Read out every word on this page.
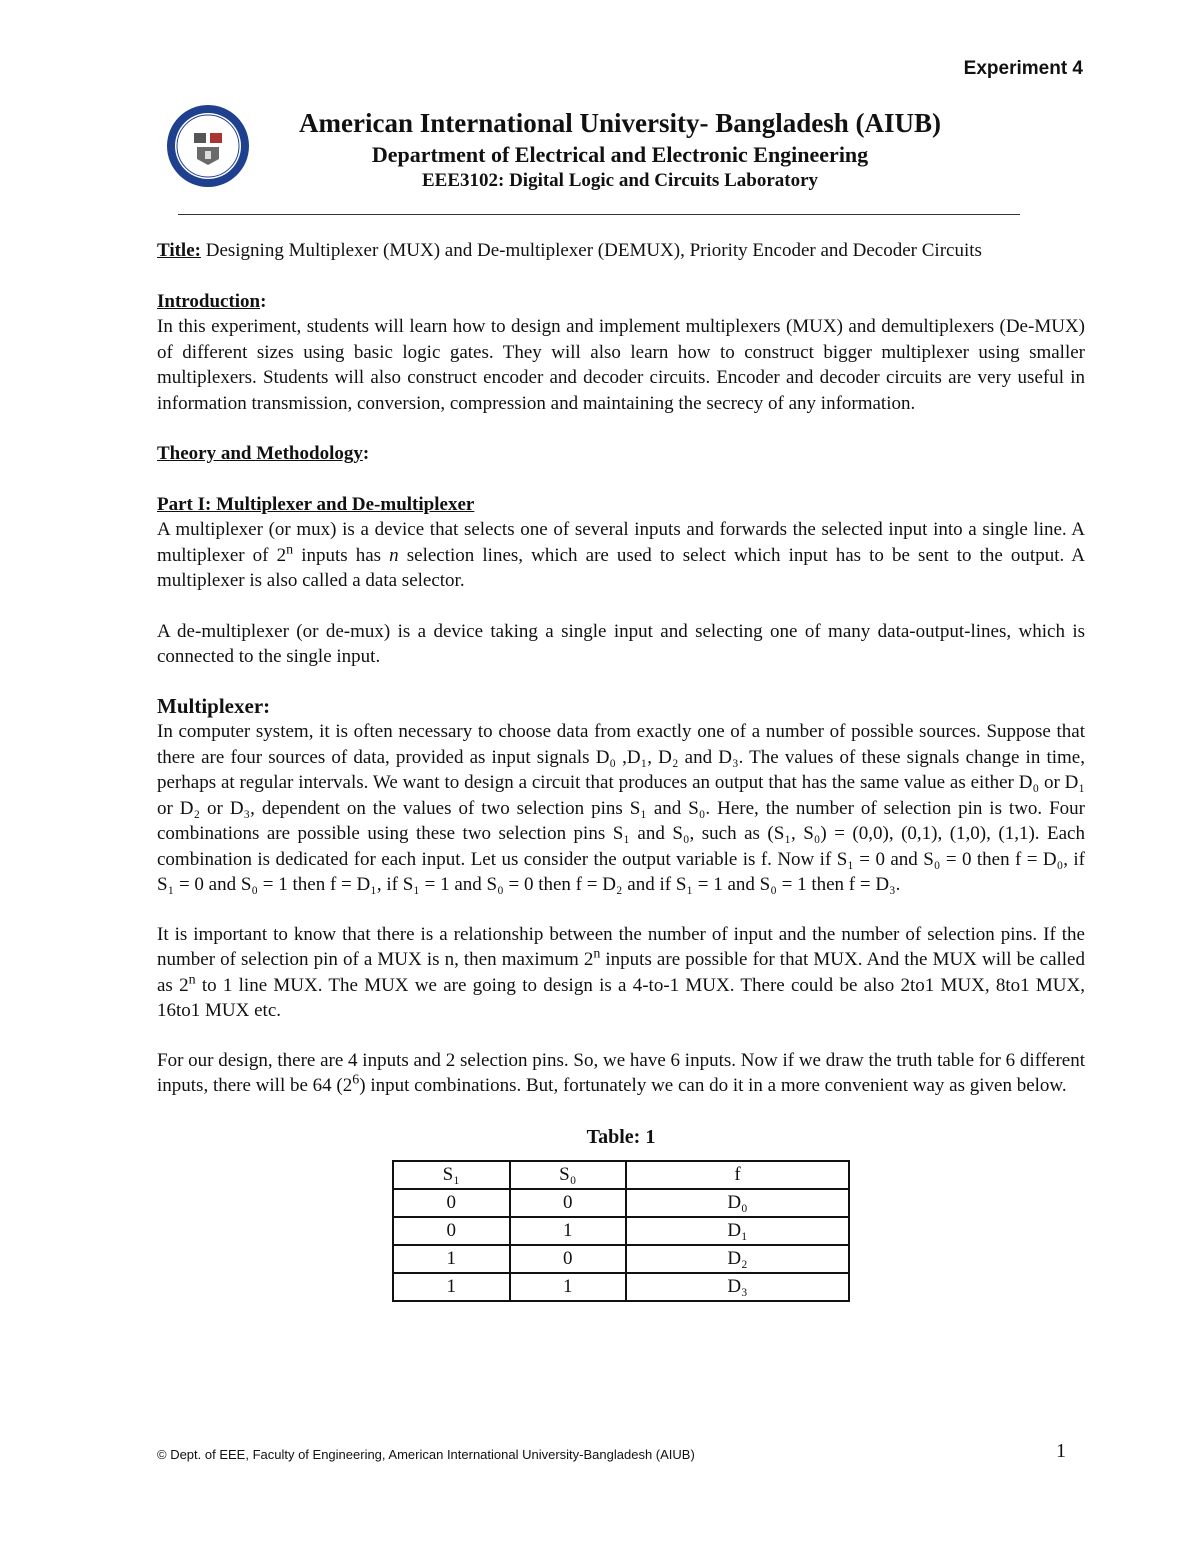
Experiment 4
American International University- Bangladesh (AIUB)
Department of Electrical and Electronic Engineering
EEE3102: Digital Logic and Circuits Laboratory

Title: Designing Multiplexer (MUX) and De-multiplexer (DEMUX), Priority Encoder and Decoder Circuits

Introduction:

In this experiment, students will learn how to design and implement multiplexers (MUX) and demultiplexers (De-MUX) of different sizes using basic logic gates. They will also learn how to construct bigger multiplexer using smaller multiplexers. Students will also construct encoder and decoder circuits. Encoder and decoder circuits are very useful in information transmission, conversion, compression and maintaining the secrecy of any information.

Theory and Methodology:

Part I: Multiplexer and De-multiplexer

A multiplexer (or mux) is a device that selects one of several inputs and forwards the selected input into a single line. A multiplexer of 2$^n$ inputs has n selection lines, which are used to select which input has to be sent to the output. A multiplexer is also called a data selector.

A de-multiplexer (or de-mux) is a device taking a single input and selecting one of many data-output-lines, which is connected to the single input.

Multiplexer:

In computer system, it is often necessary to choose data from exactly one of a number of possible sources. Suppose that there are four sources of data, provided as input signals D₀ ,D₁, D₂ and D₃. The values of these signals change in time, perhaps at regular intervals. We want to design a circuit that produces an output that has the same value as either D₀ or D₁ or D₂ or D₃, dependent on the values of two selection pins S₁ and S₀. Here, the number of selection pin is two. Four combinations are possible using these two selection pins S₁ and S₀, such as (S₁, S₀) = (0,0), (0,1), (1,0), (1,1). Each combination is dedicated for each input. Let us consider the output variable is f. Now if S₁ = 0 and S₀ = 0 then f = D₀, if S₁ = 0 and S₀ = 1 then f = D₁, if S₁ = 1 and S₀ = 0 then f = D₂ and if S₁ = 1 and S₀ = 1 then f = D₃.

It is important to know that there is a relationship between the number of input and the number of selection pins. If the number of selection pin of a MUX is n, then maximum 2$^n$ inputs are possible for that MUX. And the MUX will be called as 2$^n$ to 1 line MUX. The MUX we are going to design is a 4-to-1 MUX. There could be also 2to1 MUX, 8to1 MUX, 16to1 MUX etc.

For our design, there are 4 inputs and 2 selection pins. So, we have 6 inputs. Now if we draw the truth table for 6 different inputs, there will be 64 $(2^6)$ input combinations. But, fortunately we can do it in a more convenient way as given below.

Table: 1
S₁	S₀	f
0	0	D₀
0	1	D₁
1	0	D₂
1	1	D₃
© Dept. of EEE, Faculty of Engineering, American International University-Bangladesh (AIUB)	1
